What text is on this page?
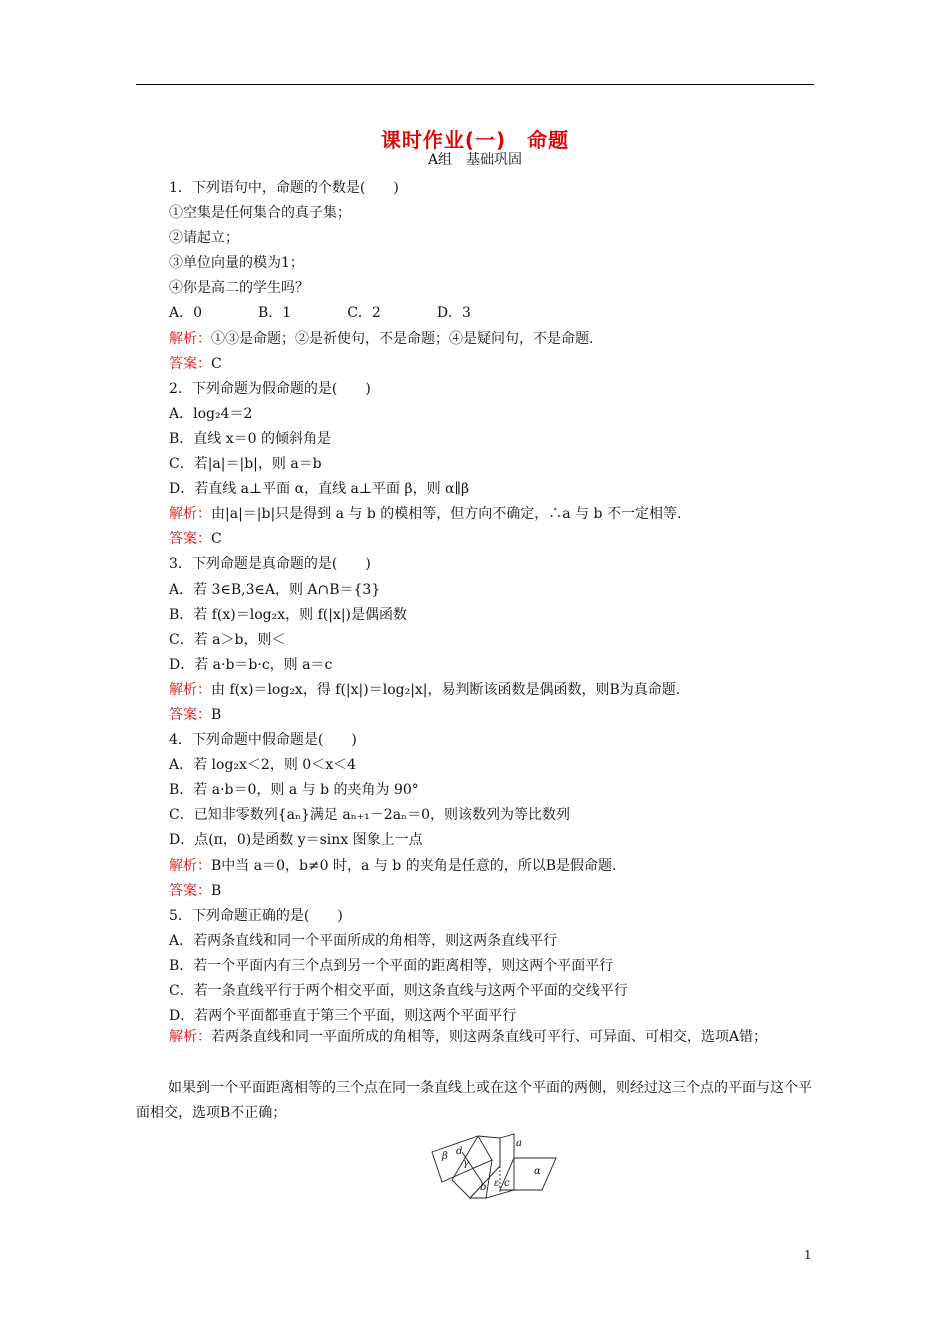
课时作业(一)　命题
A组　基础巩固
1．下列语句中，命题的个数是(　　)
①空集是任何集合的真子集；
②请起立；
③单位向量的模为1；
④你是高二的学生吗？
A．0　　　　B．1　　　　C．2　　　　D．3
解析：①③是命题；②是祈使句，不是命题；④是疑问句，不是命题.
答案：C
2．下列命题为假命题的是(　　)
A．log₂4＝2
B．直线 x＝0 的倾斜角是
C．若|a|＝|b|，则 a＝b
D．若直线 a⊥平面 α，直线 a⊥平面 β，则 α∥β
解析：由|a|＝|b|只是得到 a 与 b 的模相等，但方向不确定，∴a 与 b 不一定相等.
答案：C
3．下列命题是真命题的是(　　)
A．若 3∈B,3∈A，则 A∩B＝{3}
B．若 f(x)＝log₂x，则 f(|x|)是偶函数
C．若 a＞b，则＜
D．若 a·b＝b·c，则 a＝c
解析：由 f(x)＝log₂x，得 f(|x|)＝log₂|x|，易判断该函数是偶函数，则B为真命题.
答案：B
4．下列命题中假命题是(　　)
A．若 log₂x＜2，则 0＜x＜4
B．若 a·b＝0，则 a 与 b 的夹角为 90°
C．已知非零数列{aₙ}满足 aₙ₊₁－2aₙ＝0，则该数列为等比数列
D．点(π，0)是函数 y＝sinx 图象上一点
解析：B中当 a＝0，b≠0 时，a 与 b 的夹角是任意的，所以B是假命题.
答案：B
5．下列命题正确的是(　　)
A．若两条直线和同一个平面所成的角相等，则这两条直线平行
B．若一个平面内有三个点到另一个平面的距离相等，则这两个平面平行
C．若一条直线平行于两个相交平面，则这条直线与这两个平面的交线平行
D．若两个平面都垂直于第三个平面，则这两个平面平行
解析：若两条直线和同一平面所成的角相等，则这两条直线可平行、可异面、可相交，选项A错；
如果到一个平面距离相等的三个点在同一条直线上或在这个平面的两侧，则经过这三个点的平面与这个平面相交，选项B不正确；
β d
γ
a
α
b ε c
1
